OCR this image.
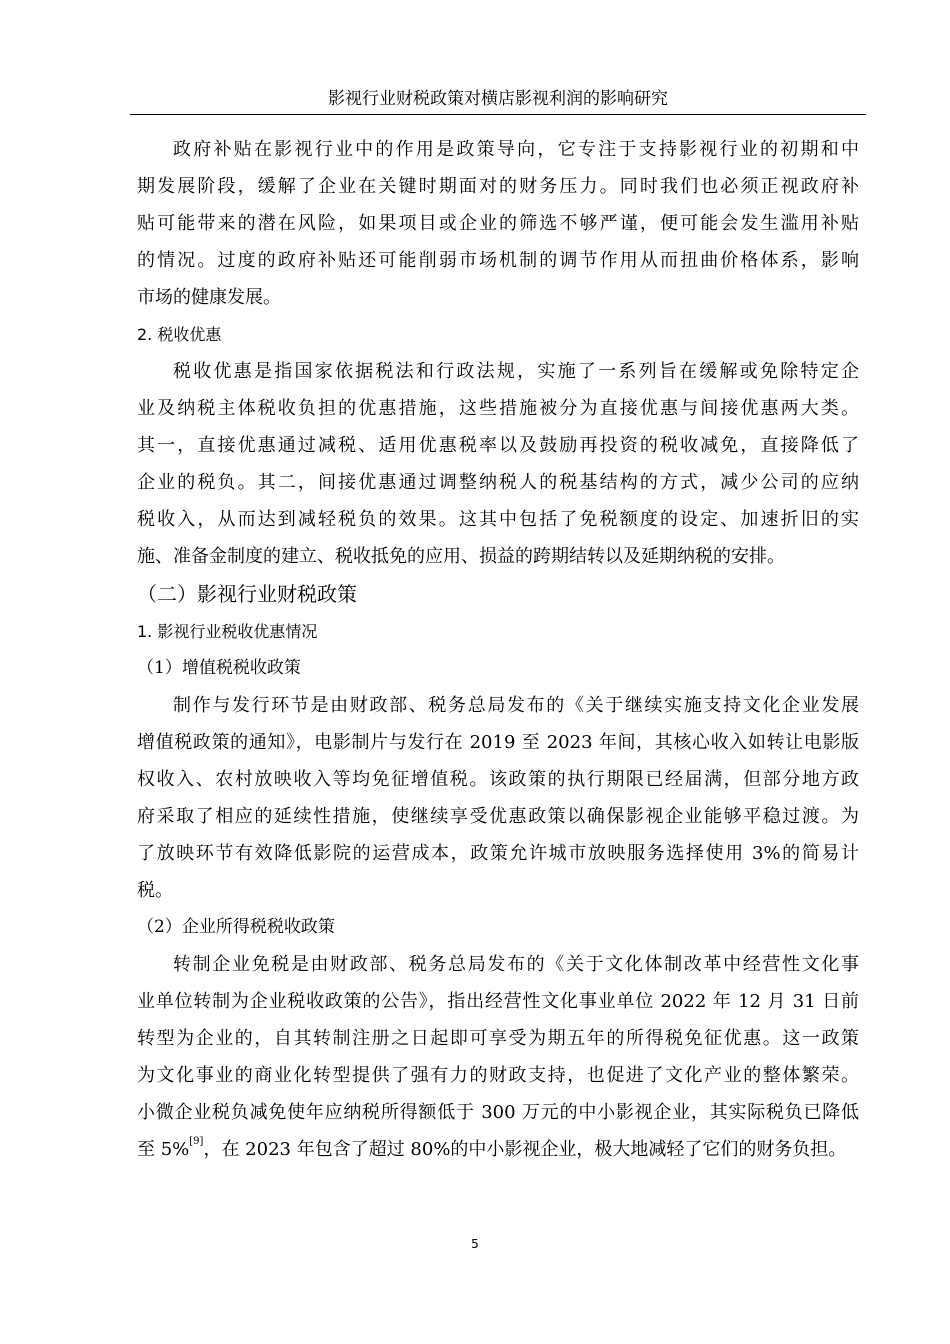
影视行业财税政策对横店影视利润的影响研究
政府补贴在影视行业中的作用是政策导向，它专注于支持影视行业的初期和中
期发展阶段，缓解了企业在关键时期面对的财务压力。同时我们也必须正视政府补
贴可能带来的潜在风险，如果项目或企业的筛选不够严谨，便可能会发生滥用补贴
的情况。过度的政府补贴还可能削弱市场机制的调节作用从而扭曲价格体系，影响
市场的健康发展。
2. 税收优惠
税收优惠是指国家依据税法和行政法规，实施了一系列旨在缓解或免除特定企
业及纳税主体税收负担的优惠措施，这些措施被分为直接优惠与间接优惠两大类。
其一，直接优惠通过减税、适用优惠税率以及鼓励再投资的税收减免，直接降低了
企业的税负。其二，间接优惠通过调整纳税人的税基结构的方式，减少公司的应纳
税收入，从而达到减轻税负的效果。这其中包括了免税额度的设定、加速折旧的实
施、准备金制度的建立、税收抵免的应用、损益的跨期结转以及延期纳税的安排。
（二）影视行业财税政策
1. 影视行业税收优惠情况
（1）增值税税收政策
制作与发行环节是由财政部、税务总局发布的《关于继续实施支持文化企业发展
增值税政策的通知》，电影制片与发行在 2019 至 2023 年间，其核心收入如转让电影版
权收入、农村放映收入等均免征增值税。该政策的执行期限已经届满，但部分地方政
府采取了相应的延续性措施，使继续享受优惠政策以确保影视企业能够平稳过渡。为
了放映环节有效降低影院的运营成本，政策允许城市放映服务选择使用 3%的简易计
税。
（2）企业所得税税收政策
转制企业免税是由财政部、税务总局发布的《关于文化体制改革中经营性文化事
业单位转制为企业税收政策的公告》，指出经营性文化事业单位 2022 年 12 月 31 日前
转型为企业的，自其转制注册之日起即可享受为期五年的所得税免征优惠。这一政策
为文化事业的商业化转型提供了强有力的财政支持，也促进了文化产业的整体繁荣。
小微企业税负减免使年应纳税所得额低于 300 万元的中小影视企业，其实际税负已降低
至 5%[9]，在 2023 年包含了超过 80%的中小影视企业，极大地减轻了它们的财务负担。
5
